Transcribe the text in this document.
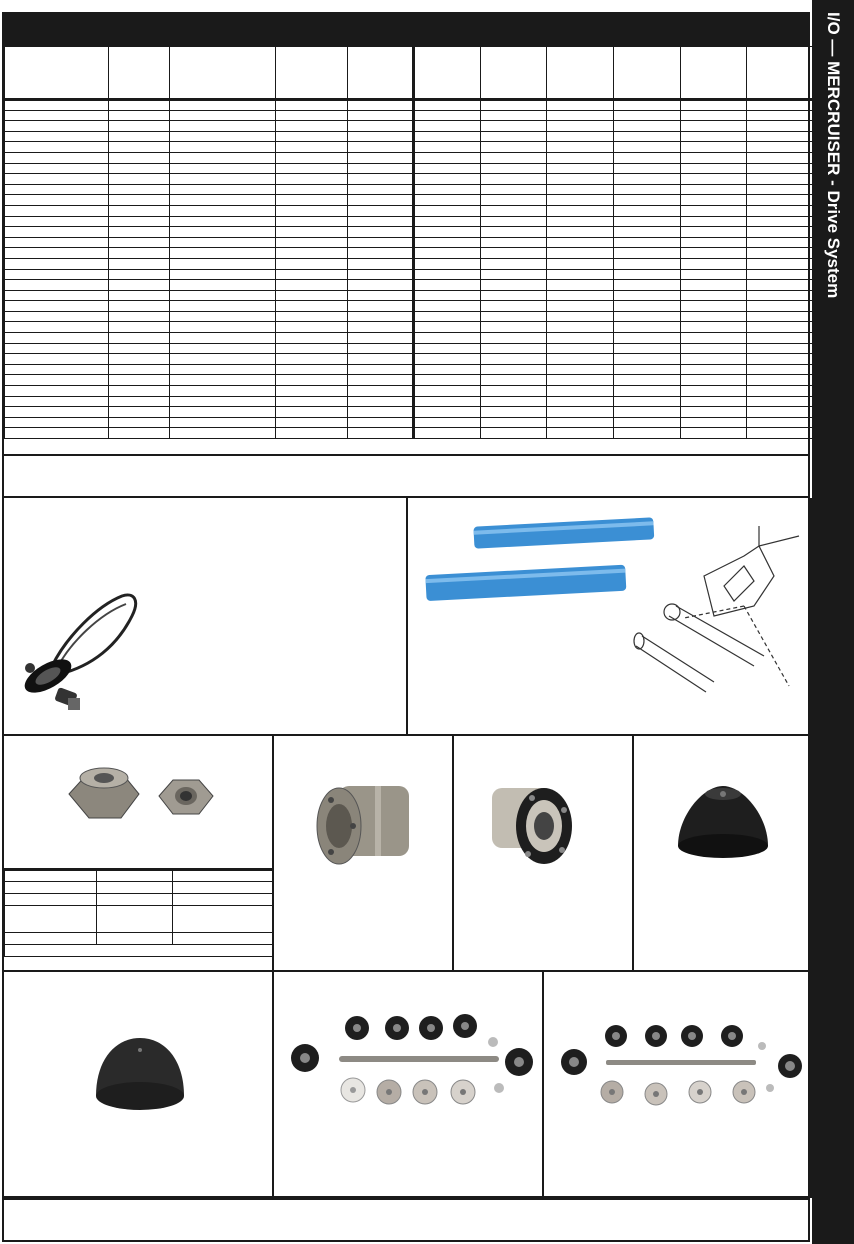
I/O — MERCRUISER - Drive System
